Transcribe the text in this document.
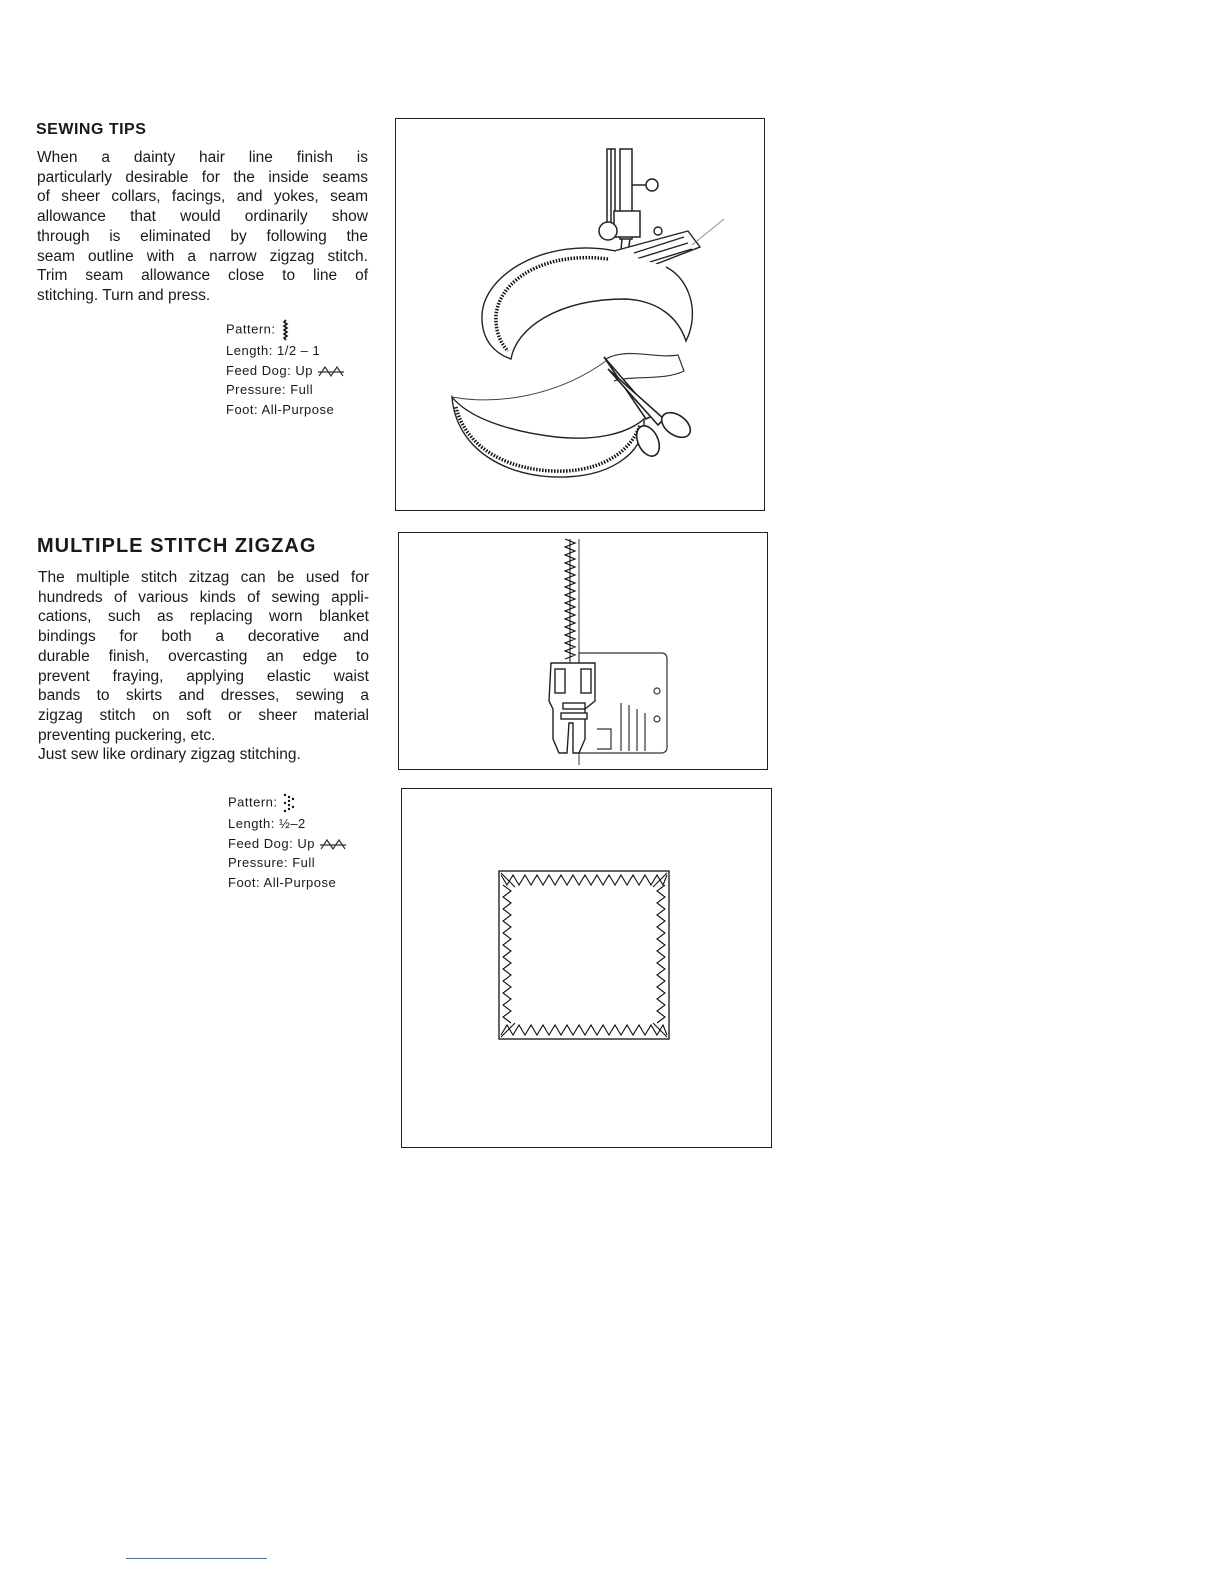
SEWING TIPS
When a dainty hair line finish is
particularly desirable for the inside seams
of sheer collars, facings, and yokes, seam
allowance that would ordinarily show
through is eliminated by following the
seam outline with a narrow zigzag stitch.
Trim seam allowance close to line of
stitching. Turn and press.
Pattern:
Length: 1/2 – 1
Feed Dog: Up
Pressure: Full
Foot: All-Purpose
MULTIPLE STITCH ZIGZAG
The multiple stitch zitzag can be used for
hundreds of various kinds of sewing appli-
cations, such as replacing worn blanket
bindings for both a decorative and
durable finish, overcasting an edge to
prevent fraying, applying elastic waist
bands to skirts and dresses, sewing a
zigzag stitch on soft or sheer material
preventing puckering, etc.
Just sew like ordinary zigzag stitching.
Pattern:
Length: ½–2
Feed Dog: Up
Pressure: Full
Foot: All-Purpose
